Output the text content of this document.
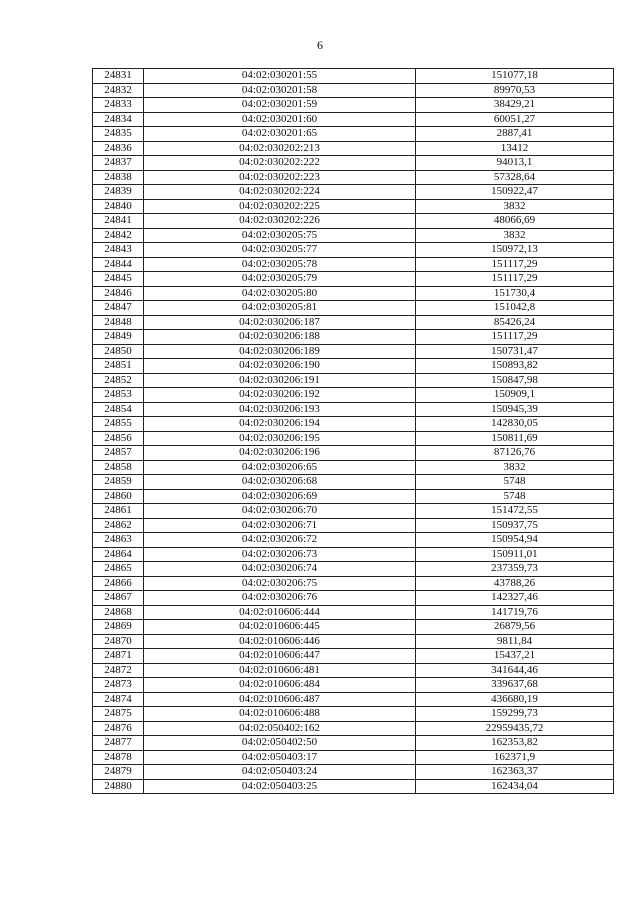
6
24831	04:02:030201:55	151077,18
24832	04:02:030201:58	89970,53
24833	04:02:030201:59	38429,21
24834	04:02:030201:60	60051,27
24835	04:02:030201:65	2887,41
24836	04:02:030202:213	13412
24837	04:02:030202:222	94013,1
24838	04:02:030202:223	57328,64
24839	04:02:030202:224	150922,47
24840	04:02:030202:225	3832
24841	04:02:030202:226	48066,69
24842	04:02:030205:75	3832
24843	04:02:030205:77	150972,13
24844	04:02:030205:78	151117,29
24845	04:02:030205:79	151117,29
24846	04:02:030205:80	151730,4
24847	04:02:030205:81	151042,8
24848	04:02:030206:187	85426,24
24849	04:02:030206:188	151117,29
24850	04:02:030206:189	150731,47
24851	04:02:030206:190	150893,82
24852	04:02:030206:191	150847,98
24853	04:02:030206:192	150909,1
24854	04:02:030206:193	150945,39
24855	04:02:030206:194	142830,05
24856	04:02:030206:195	150811,69
24857	04:02:030206:196	87126,76
24858	04:02:030206:65	3832
24859	04:02:030206:68	5748
24860	04:02:030206:69	5748
24861	04:02:030206:70	151472,55
24862	04:02:030206:71	150937,75
24863	04:02:030206:72	150954,94
24864	04:02:030206:73	150911,01
24865	04:02:030206:74	237359,73
24866	04:02:030206:75	43788,26
24867	04:02:030206:76	142327,46
24868	04:02:010606:444	141719,76
24869	04:02:010606:445	26879,56
24870	04:02:010606:446	9811,84
24871	04:02:010606:447	15437,21
24872	04:02:010606:481	341644,46
24873	04:02:010606:484	339637,68
24874	04:02:010606:487	436680,19
24875	04:02:010606:488	159299,73
24876	04:02:050402:162	22959435,72
24877	04:02:050402:50	162353,82
24878	04:02:050403:17	162371,9
24879	04:02:050403:24	162363,37
24880	04:02:050403:25	162434,04
